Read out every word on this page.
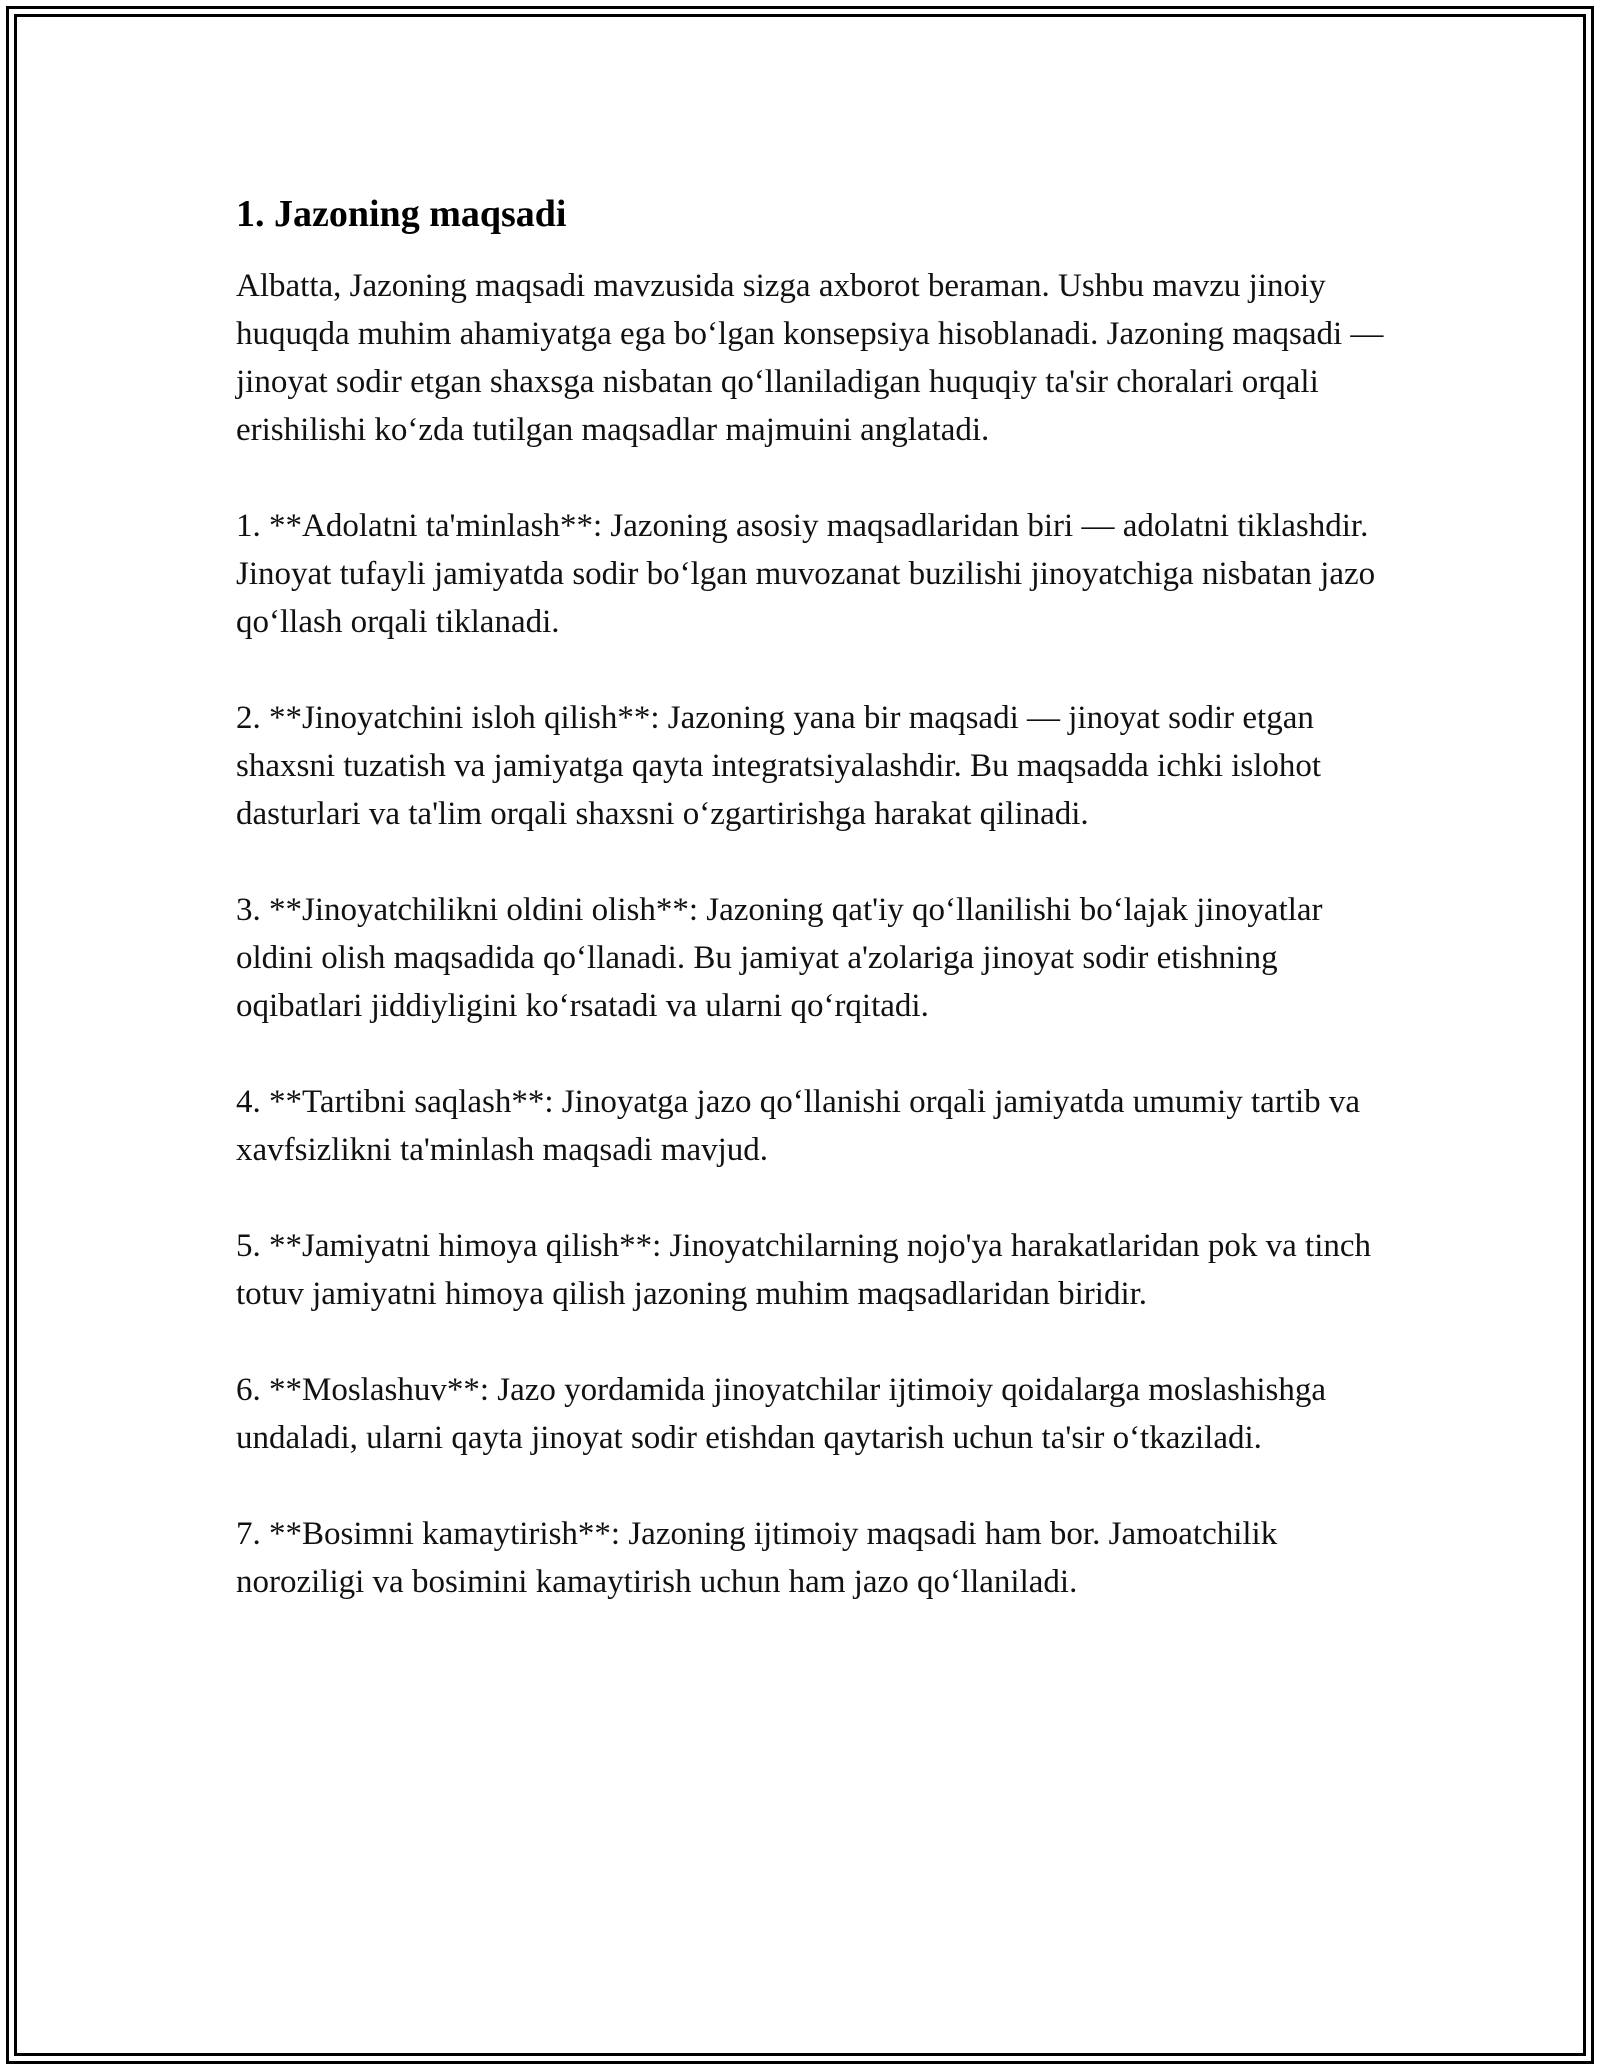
1. Jazoning maqsadi
Albatta, Jazoning maqsadi mavzusida sizga axborot beraman. Ushbu mavzu jinoiy huquqda muhim ahamiyatga ega bo‘lgan konsepsiya hisoblanadi. Jazoning maqsadi — jinoyat sodir etgan shaxsga nisbatan qo‘llaniladigan huquqiy ta'sir choralari orqali erishilishi ko‘zda tutilgan maqsadlar majmuini anglatadi.
1. **Adolatni ta'minlash**: Jazoning asosiy maqsadlaridan biri — adolatni tiklashdir. Jinoyat tufayli jamiyatda sodir bo‘lgan muvozanat buzilishi jinoyatchiga nisbatan jazo qo‘llash orqali tiklanadi.
2. **Jinoyatchini isloh qilish**: Jazoning yana bir maqsadi — jinoyat sodir etgan shaxsni tuzatish va jamiyatga qayta integratsiyalashdir. Bu maqsadda ichki islohot dasturlari va ta'lim orqali shaxsni o‘zgartirishga harakat qilinadi.
3. **Jinoyatchilikni oldini olish**: Jazoning qat'iy qo‘llanilishi bo‘lajak jinoyatlar oldini olish maqsadida qo‘llanadi. Bu jamiyat a'zolariga jinoyat sodir etishning oqibatlari jiddiyligini ko‘rsatadi va ularni qo‘rqitadi.
4. **Tartibni saqlash**: Jinoyatga jazo qo‘llanishi orqali jamiyatda umumiy tartib va xavfsizlikni ta'minlash maqsadi mavjud.
5. **Jamiyatni himoya qilish**: Jinoyatchilarning nojo'ya harakatlaridan pok va tinch totuv jamiyatni himoya qilish jazoning muhim maqsadlaridan biridir.
6. **Moslashuv**: Jazo yordamida jinoyatchilar ijtimoiy qoidalarga moslashishga undaladi, ularni qayta jinoyat sodir etishdan qaytarish uchun ta'sir o‘tkaziladi.
7. **Bosimni kamaytirish**: Jazoning ijtimoiy maqsadi ham bor. Jamoatchilik noroziligi va bosimini kamaytirish uchun ham jazo qo‘llaniladi.
